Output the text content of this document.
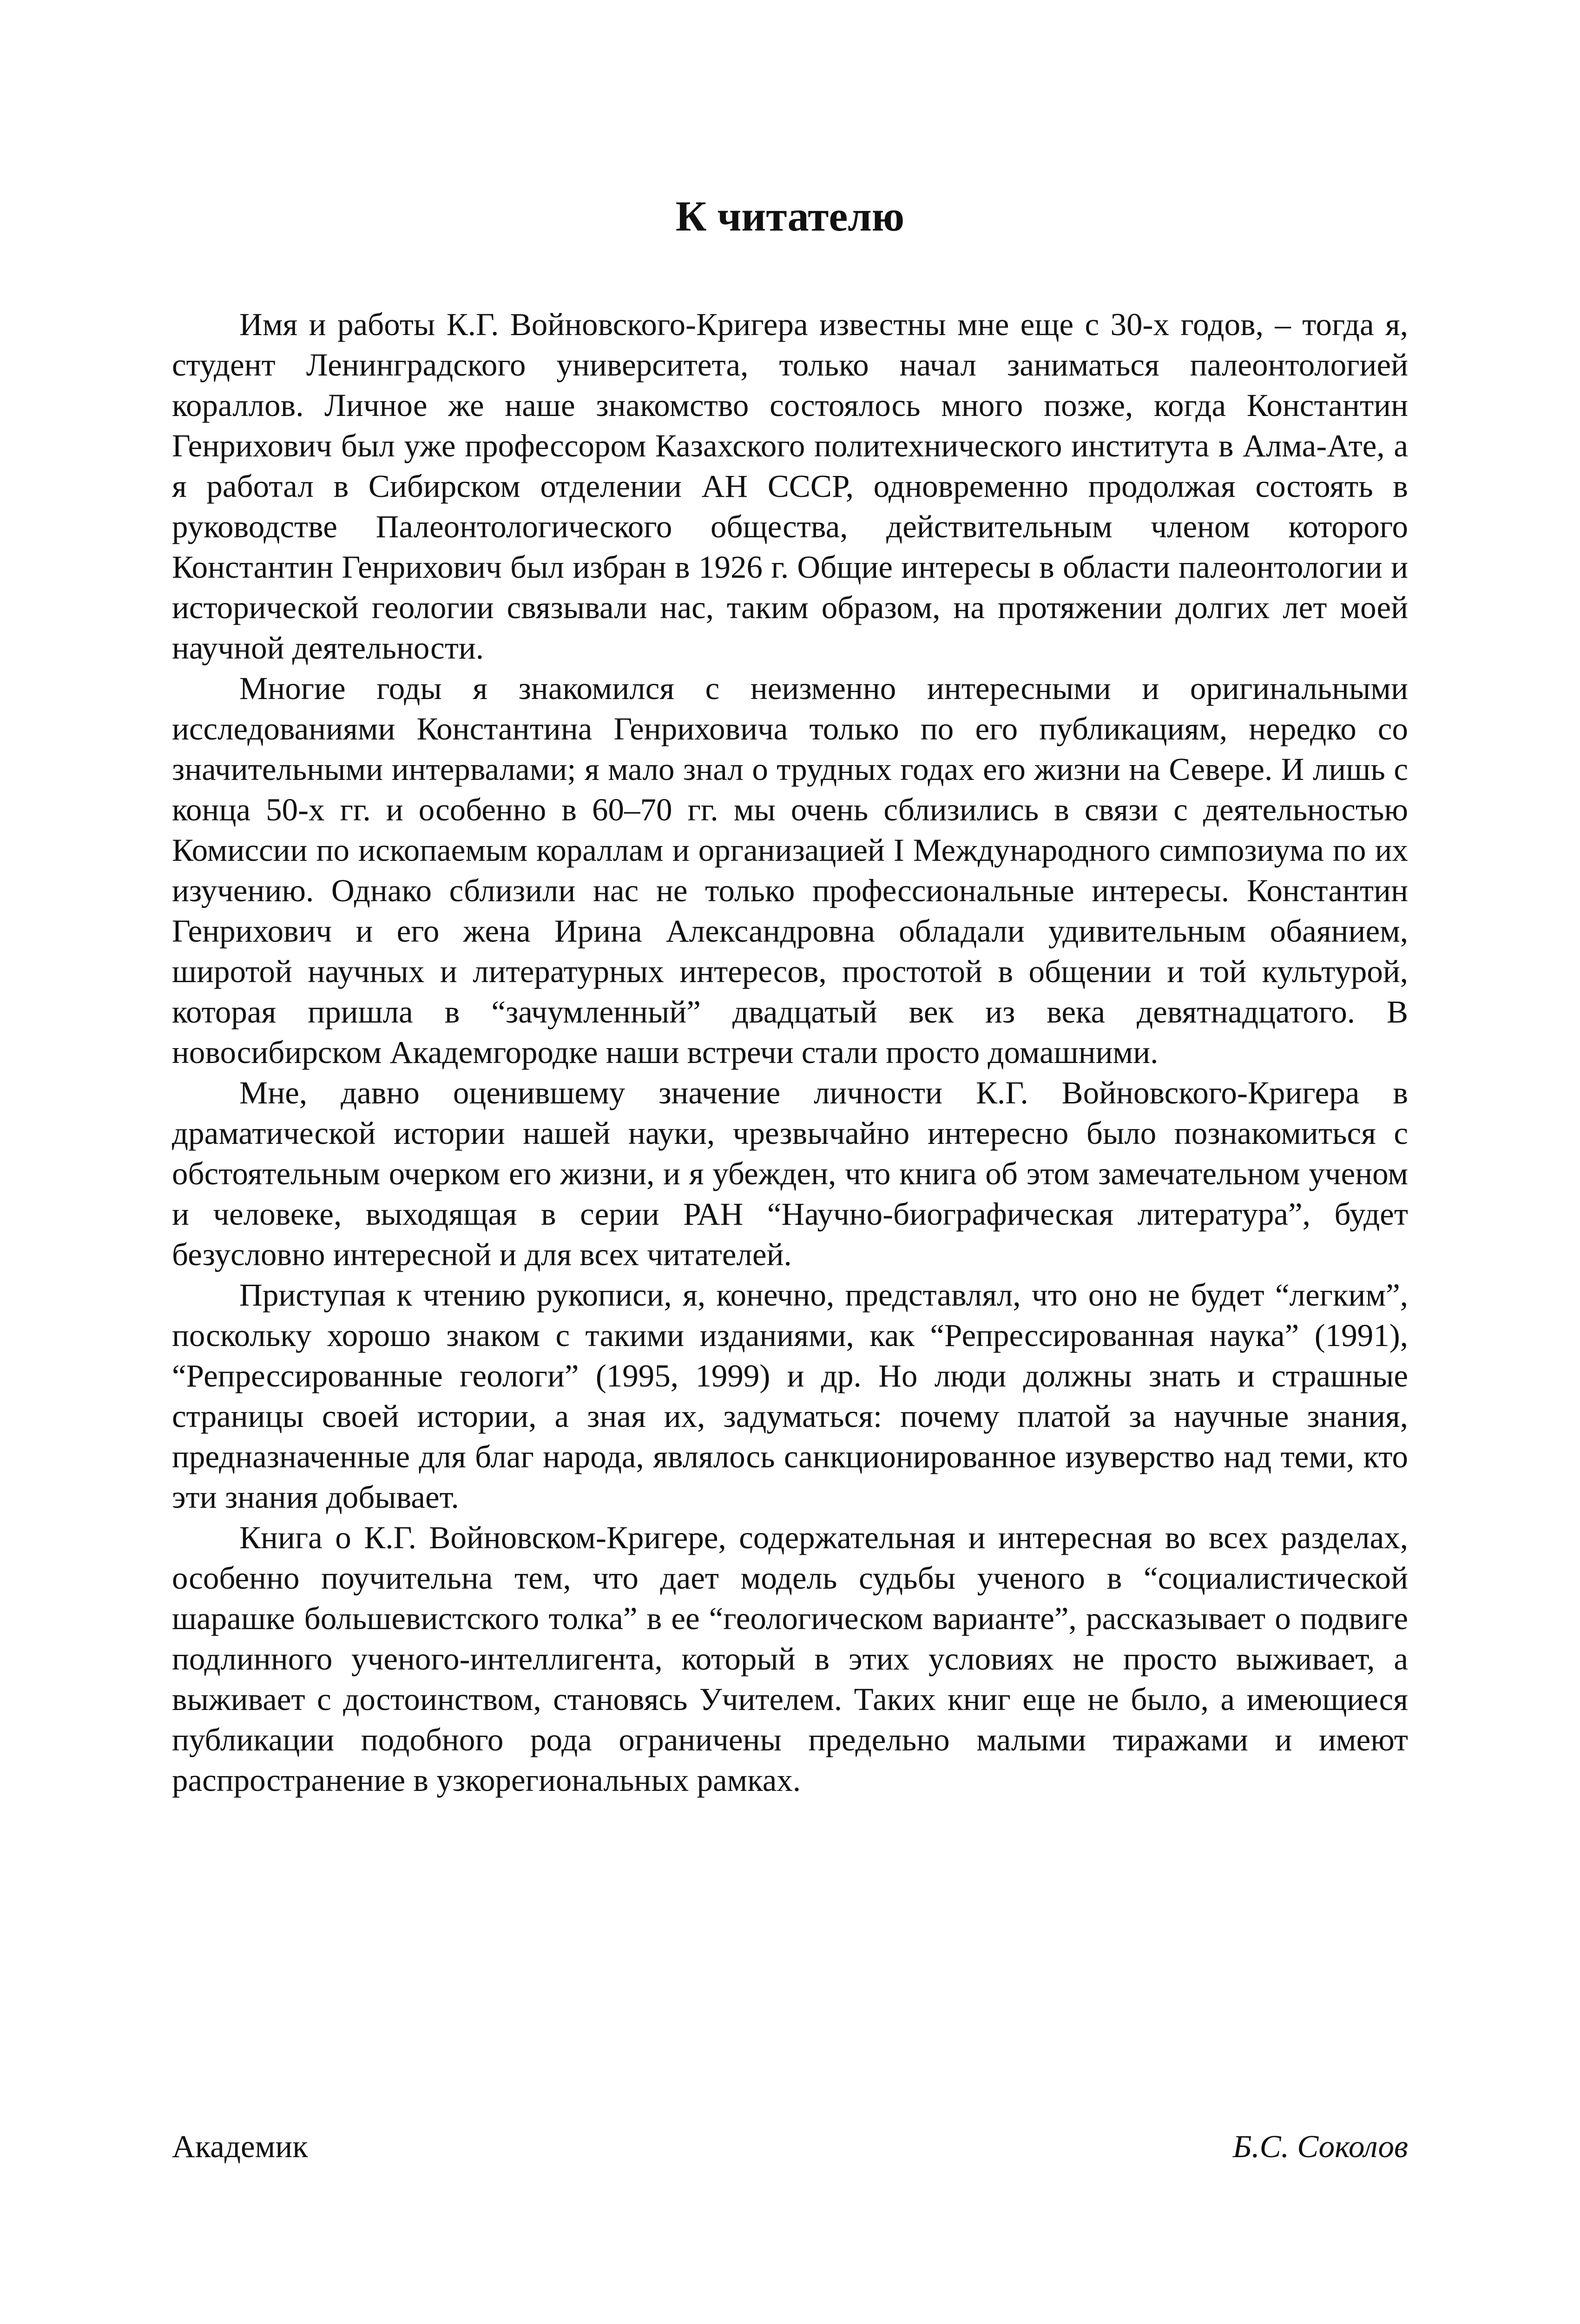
К читателю

Имя и работы К.Г. Войновского-Кригера известны мне еще с 30-х годов, – тогда я, студент Ленинградского университета, только начал заниматься палеонтологией кораллов. Личное же наше знакомство состоялось много позже, когда Константин Генрихович был уже профессором Казахского политехнического института в Алма-Ате, а я работал в Сибирском отделении АН СССР, одновременно продолжая состоять в руководстве Палеонтологического общества, действительным членом которого Константин Генрихович был избран в 1926 г. Общие интересы в области палеонтологии и исторической геологии связывали нас, таким образом, на протяжении долгих лет моей научной деятельности.

Многие годы я знакомился с неизменно интересными и оригинальными исследованиями Константина Генриховича только по его публикациям, нередко со значительными интервалами; я мало знал о трудных годах его жизни на Севере. И лишь с конца 50-х гг. и особенно в 60–70 гг. мы очень сблизились в связи с деятельностью Комиссии по ископаемым кораллам и организацией I Международного симпозиума по их изучению. Однако сблизили нас не только профессиональные интересы. Константин Генрихович и его жена Ирина Александровна обладали удивительным обаянием, широтой научных и литературных интересов, простотой в общении и той культурой, которая пришла в “зачумленный” двадцатый век из века девятнадцатого. В новосибирском Академгородке наши встречи стали просто домашними.

Мне, давно оценившему значение личности К.Г. Войновского-Кригера в драматической истории нашей науки, чрезвычайно интересно было познакомиться с обстоятельным очерком его жизни, и я убежден, что книга об этом замечательном ученом и человеке, выходящая в серии РАН “Научно-биографическая литература”, будет безусловно интересной и для всех читателей.

Приступая к чтению рукописи, я, конечно, представлял, что оно не будет “легким”, поскольку хорошо знаком с такими изданиями, как “Репрессированная наука” (1991), “Репрессированные геологи” (1995, 1999) и др. Но люди должны знать и страшные страницы своей истории, а зная их, задуматься: почему платой за научные знания, предназначенные для благ народа, являлось санкционированное изуверство над теми, кто эти знания добывает.

Книга о К.Г. Войновском-Кригере, содержательная и интересная во всех разделах, особенно поучительна тем, что дает модель судьбы ученого в “социалистической шарашке большевистского толка” в ее “геологическом варианте”, рассказывает о подвиге подлинного ученого-интеллигента, который в этих условиях не просто выживает, а выживает с достоинством, становясь Учителем. Таких книг еще не было, а имеющиеся публикации подобного рода ограничены предельно малыми тиражами и имеют распространение в узкорегиональных рамках.

Академик	Б.С. Соколов
